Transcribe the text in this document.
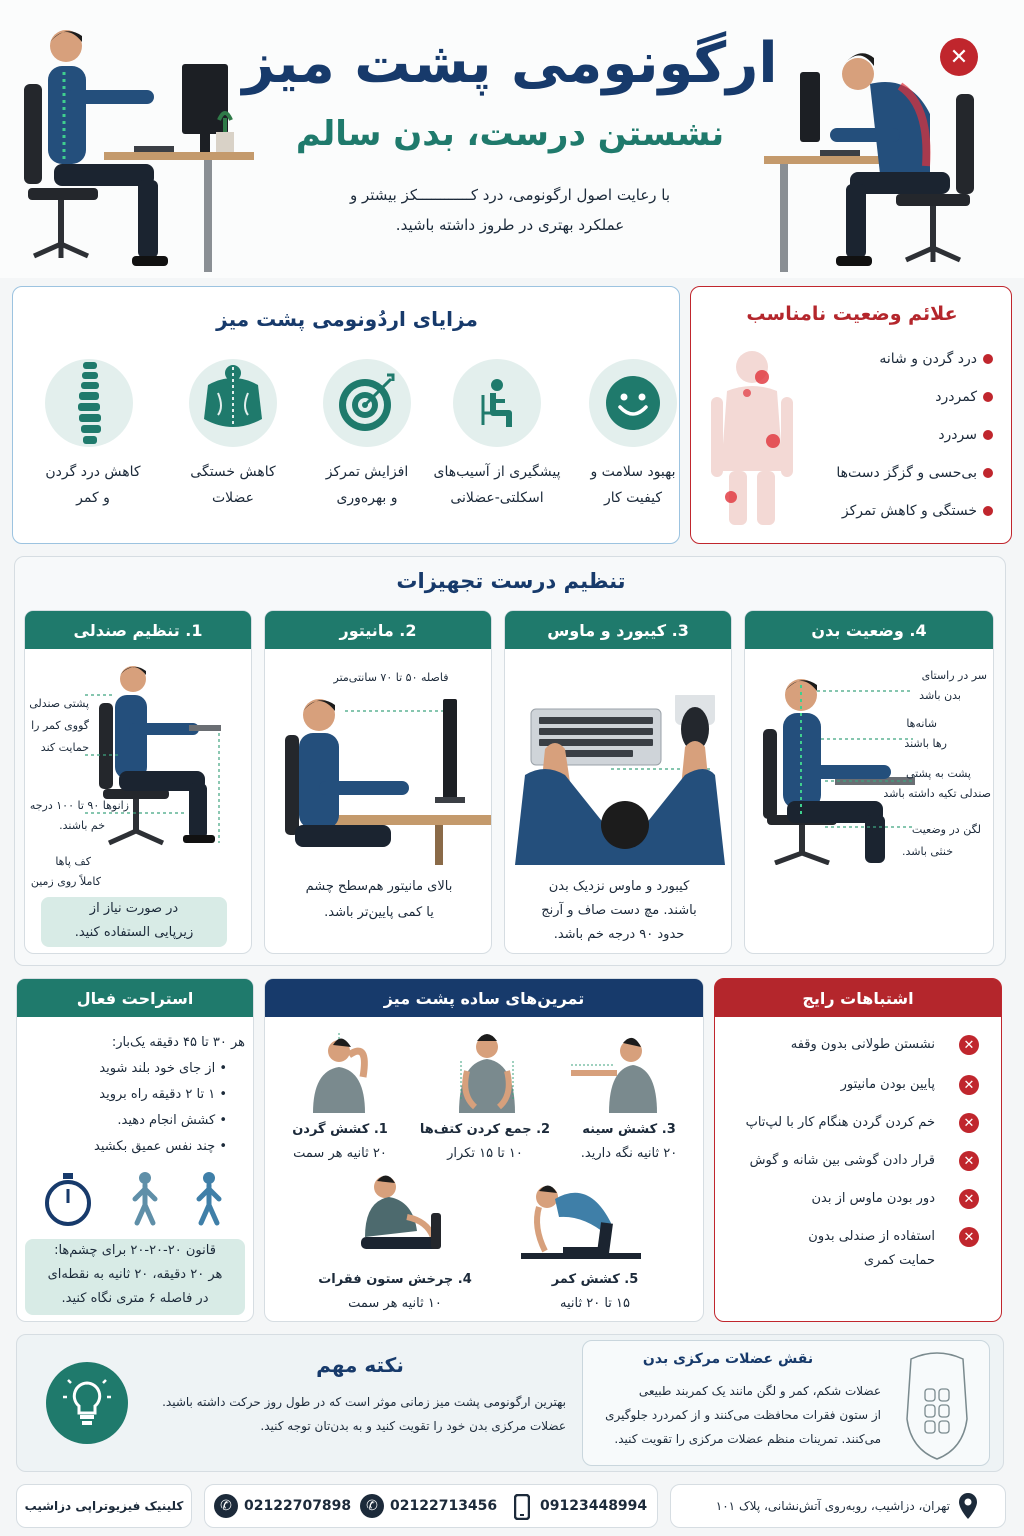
✕
ارگونومی پشت میز
نشستن درست، بدن سالم
با رعایت اصول ارگونومی، درد کــــــــــــکز بیشتر و
عملکرد بهتری در طروز داشته باشید.
مزایای اردُونومی پشت میز
بهبود سلامت و
کیفیت کار
پیشگیری از آسیب‌های
اسکلتی-عضلانی
افزایش تمرکز
و بهره‌وری
کاهش خستگی
عضلات
کاهش درد گردن
و کمر
علائم وضعیت نامناسب
درد گردن و شانه
کمردرد
سردرد
بی‌حسی و گزگز دست‌ها
خستگی و کاهش تمرکز
تنظیم درست تجهیزات
1. تنظیم صندلی
پشتی صندلی
گووی کمر را
حمایت کند
زانوها ۹۰ تا ۱۰۰ درجه
خم باشند.
کف پاها
کاملاً روی زمین
در صورت نیاز از
زیرپایی الستفاده کنید.
2. مانیتور
فاصله ۵۰ تا ۷۰ سانتی‌متر
بالای مانیتور هم‌سطح چشم
یا کمی پایین‌تر باشد.
3. کیبورد و ماوس
کیبورد و ماوس نزدیک بدن
باشند. مچ دست صاف و آرنج
حدود ۹۰ درجه خم باشد.
4. وضعیت بدن
سر در راستای
بدن باشد
شانه‌ها
رها باشند
پشت به پشتی
صندلی تکیه داشته باشد
لگن در وضعیت
خنثی باشد.
استراحت فعال
هر ۳۰ تا ۴۵ دقیقه یک‌بار:
• از جای خود بلند شوید
• ۱ تا ۲ دقیقه راه بروید
• کشش انجام دهید.
• چند نفس عمیق بکشید
قانون ۲۰-۲۰-۲۰ برای چشم‌ها:
هر ۲۰ دقیقه، ۲۰ ثانیه به نقطه‌ای
در فاصله ۶ متری نگاه کنید.
تمرین‌های ساده پشت میز
1. کشش گردن
۲۰ ثانیه هر سمت
2. جمع کردن کتف‌ها
۱۰ تا ۱۵ تکرار
3. کشش سینه
۲۰ ثانیه نگه دارید.
4. چرخش ستون فقرات
۱۰ ثانیه هر سمت
5. کشش کمر
۱۵ تا ۲۰ ثانیه
اشتباهات رایج
نشستن طولانی بدون وقفه	✕
پایین بودن مانیتور	✕
خم کردن گردن هنگام کار با لپ‌تاپ	✕
قرار دادن گوشی بین شانه و گوش	✕
دور بودن ماوس از بدن	✕
استفاده از صندلی بدون	✕
حمایت کمری
نکته مهم
بهترین ارگونومی پشت میز زمانی موثر است که در طول روز حرکت داشته باشید.
عضلات مرکزی بدن خود را تقویت کنید و به بدن‌تان توجه کنید.
نقش عضلات مرکزی بدن
عضلات شکم، کمر و لگن مانند یک کمربند طبیعی
از ستون فقرات محافظت می‌کنند و از کمردرد جلوگیری
می‌کنند. تمرینات منظم عضلات مرکزی را تقویت کنید.
کلینیک فیزیوتراپی دزاشیب	✆ 02122707898	✆ 02122713456	09123448994	تهران، دزاشیب، روبه‌روی آتش‌نشانی، پلاک ۱۰۱
